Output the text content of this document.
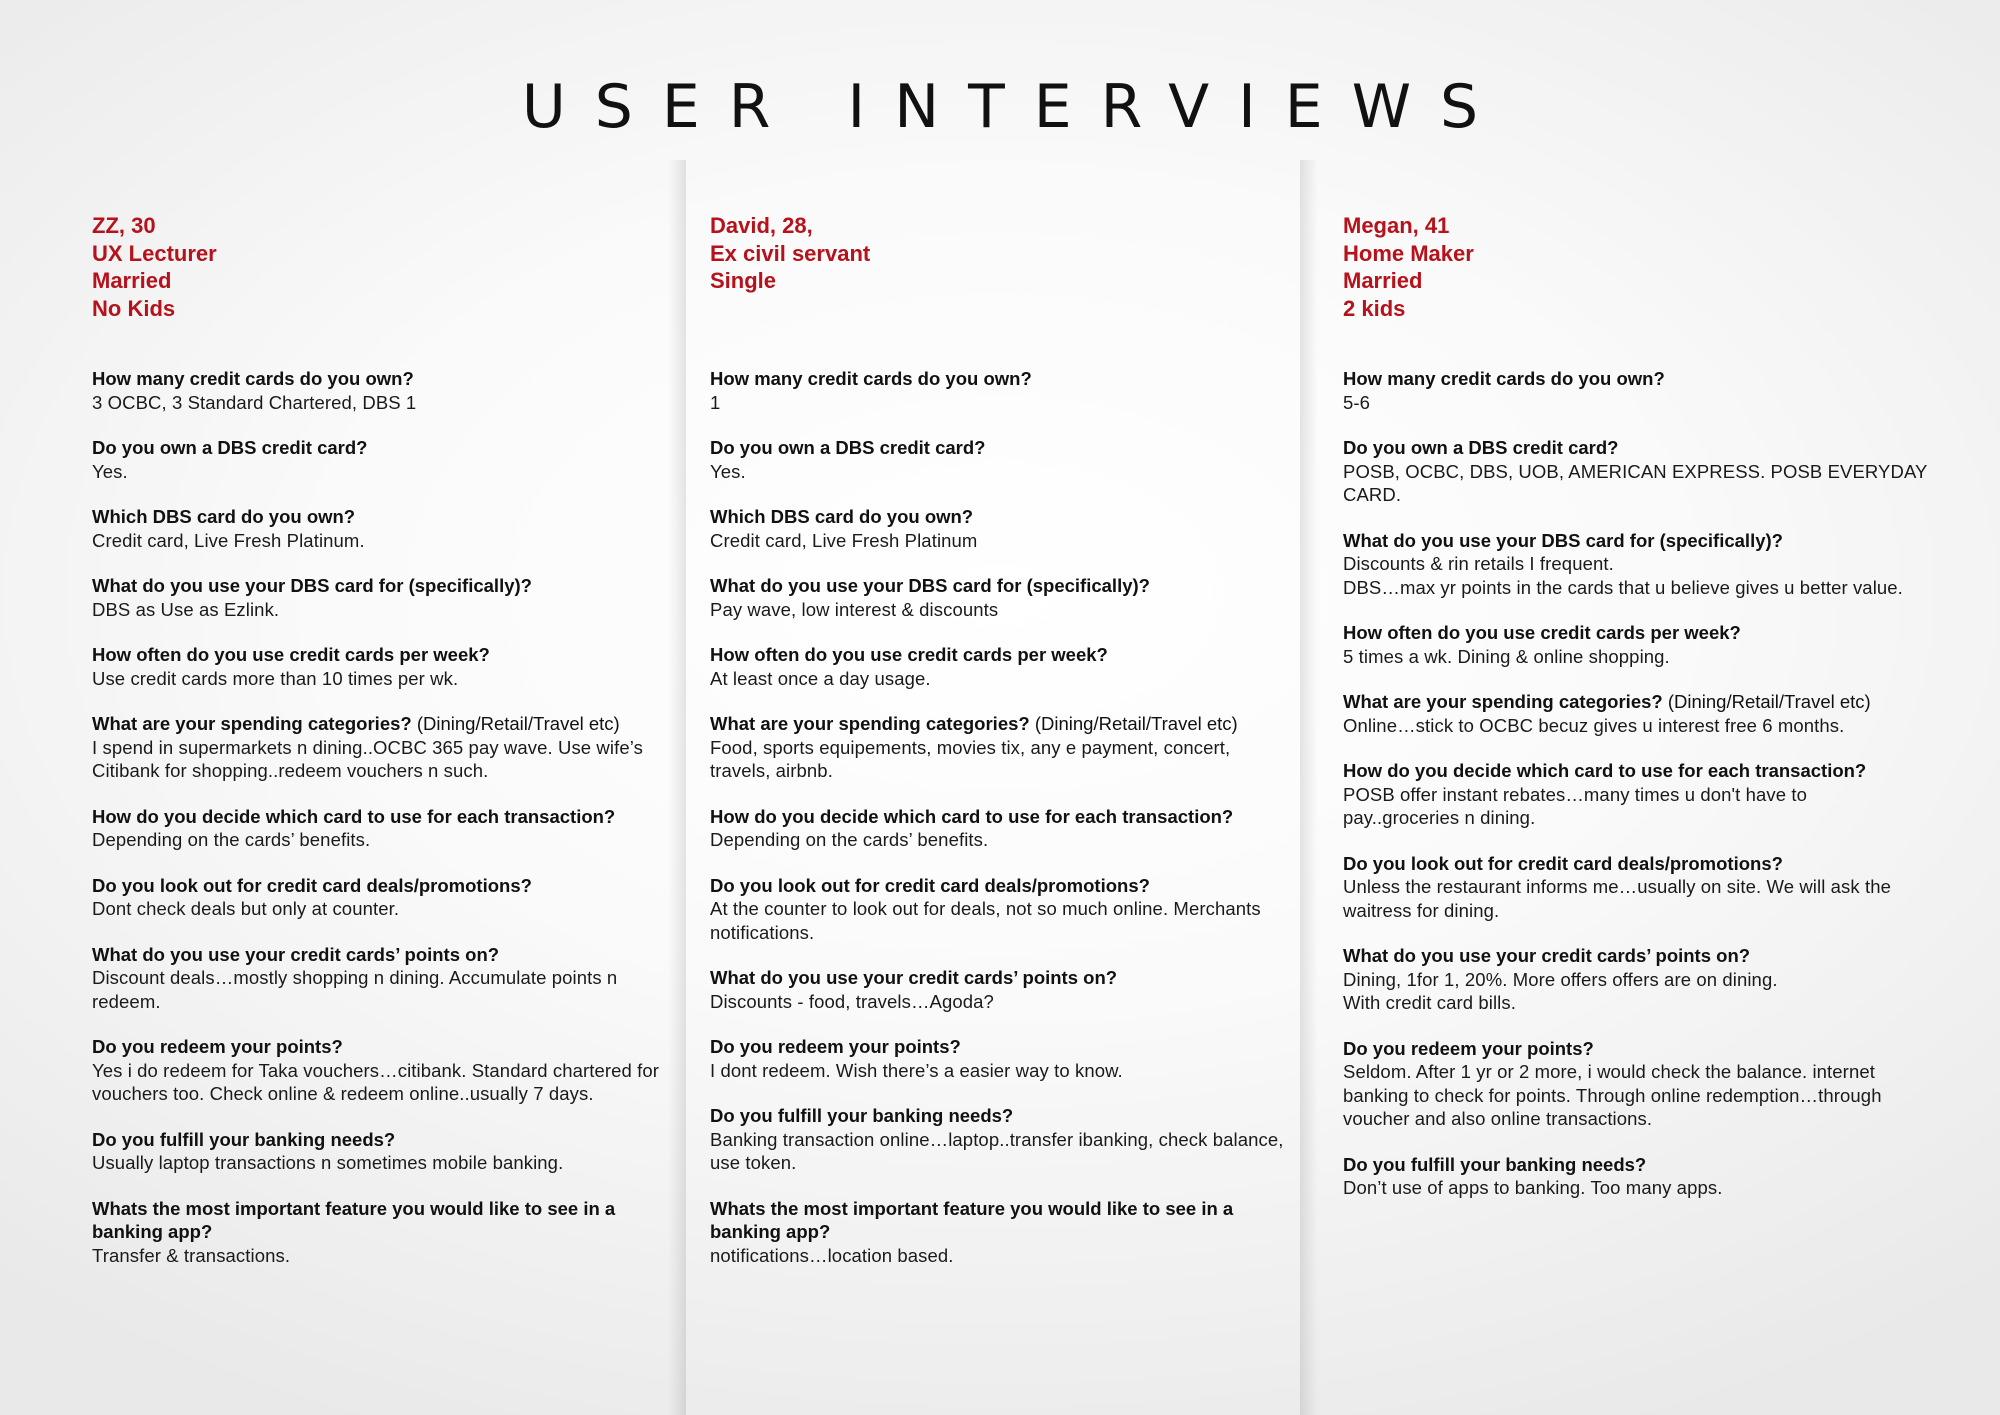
USER INTERVIEWS
ZZ, 30
UX Lecturer
Married
No Kids
How many credit cards do you own?
3 OCBC, 3 Standard Chartered, DBS 1
Do you own a DBS credit card?
Yes.
Which DBS card do you own?
Credit card, Live Fresh Platinum.
What do you use your DBS card for (specifically)?
DBS as Use as Ezlink.
How often do you use credit cards per week?
Use credit cards more than 10 times per wk.
What are your spending categories? (Dining/Retail/Travel etc)
I spend in supermarkets n dining..OCBC 365 pay wave. Use wife’s Citibank for shopping..redeem vouchers n such.
How do you decide which card to use for each transaction?
Depending on the cards’ benefits.
Do you look out for credit card deals/promotions?
Dont check deals but only at counter.
What do you use your credit cards’ points on?
Discount deals…mostly shopping n dining. Accumulate points n redeem.
Do you redeem your points?
Yes i do redeem for Taka vouchers…citibank. Standard chartered for vouchers too. Check online & redeem online..usually 7 days.
Do you fulfill your banking needs?
Usually laptop transactions n sometimes mobile banking.
Whats the most important feature you would like to see in a banking app?
Transfer & transactions.
David, 28,
Ex civil servant
Single
How many credit cards do you own?
1
Do you own a DBS credit card?
Yes.
Which DBS card do you own?
Credit card, Live Fresh Platinum
What do you use your DBS card for (specifically)?
Pay wave, low interest & discounts
How often do you use credit cards per week?
At least once a day usage.
What are your spending categories? (Dining/Retail/Travel etc)
Food, sports equipements, movies tix, any e payment, concert, travels, airbnb.
How do you decide which card to use for each transaction?
Depending on the cards’ benefits.
Do you look out for credit card deals/promotions?
At the counter to look out for deals, not so much online. Merchants notifications.
What do you use your credit cards’ points on?
Discounts - food, travels…Agoda?
Do you redeem your points?
I dont redeem. Wish there’s a easier way to know.
Do you fulfill your banking needs?
Banking transaction online…laptop..transfer ibanking, check balance, use token.
Whats the most important feature you would like to see in a banking app?
notifications…location based.
Megan, 41
Home Maker
Married
2 kids
How many credit cards do you own?
5-6
Do you own a DBS credit card?
POSB, OCBC, DBS, UOB, AMERICAN EXPRESS. POSB EVERYDAY CARD.
What do you use your DBS card for (specifically)?
Discounts & rin retails I frequent.
DBS…max yr points in the cards that u believe gives u better value.
How often do you use credit cards per week?
5 times a wk. Dining & online shopping.
What are your spending categories? (Dining/Retail/Travel etc)
Online…stick to OCBC becuz gives u interest free 6 months.
How do you decide which card to use for each transaction?
POSB offer instant rebates…many times u don't have to pay..groceries n dining.
Do you look out for credit card deals/promotions?
Unless the restaurant informs me…usually on site. We will ask the waitress for dining.
What do you use your credit cards’ points on?
Dining, 1for 1, 20%. More offers offers are on dining.
With credit card bills.
Do you redeem your points?
Seldom. After 1 yr or 2 more, i would check the balance. internet banking to check for points. Through online redemption…through voucher and also online transactions.
Do you fulfill your banking needs?
Don’t use of apps to banking. Too many apps.
